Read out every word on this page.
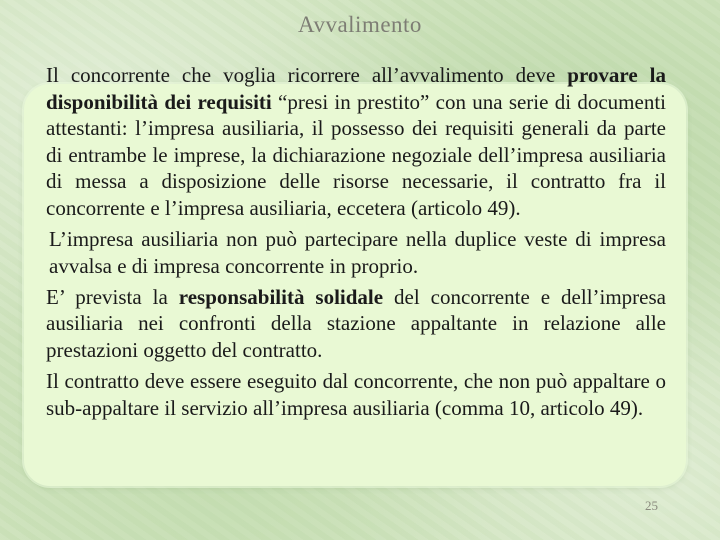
Avvalimento

Il concorrente che voglia ricorrere all’avvalimento deve provare la disponibilità dei requisiti “presi in prestito” con una serie di documenti attestanti: l’impresa ausiliaria, il possesso dei requisiti generali da parte di entrambe le imprese, la dichiarazione negoziale dell’impresa ausiliaria di messa a disposizione delle risorse necessarie, il contratto fra il concorrente e l’impresa ausiliaria, eccetera (articolo 49).

L’impresa ausiliaria non può partecipare nella duplice veste di impresa avvalsa e di impresa concorrente in proprio.

E’ prevista la responsabilità solidale del concorrente e dell’impresa ausiliaria nei confronti della stazione appaltante in relazione alle prestazioni oggetto del contratto.

Il contratto deve essere eseguito dal concorrente, che non può appaltare o sub-appaltare il servizio all’impresa ausiliaria (comma 10, articolo 49).

25
